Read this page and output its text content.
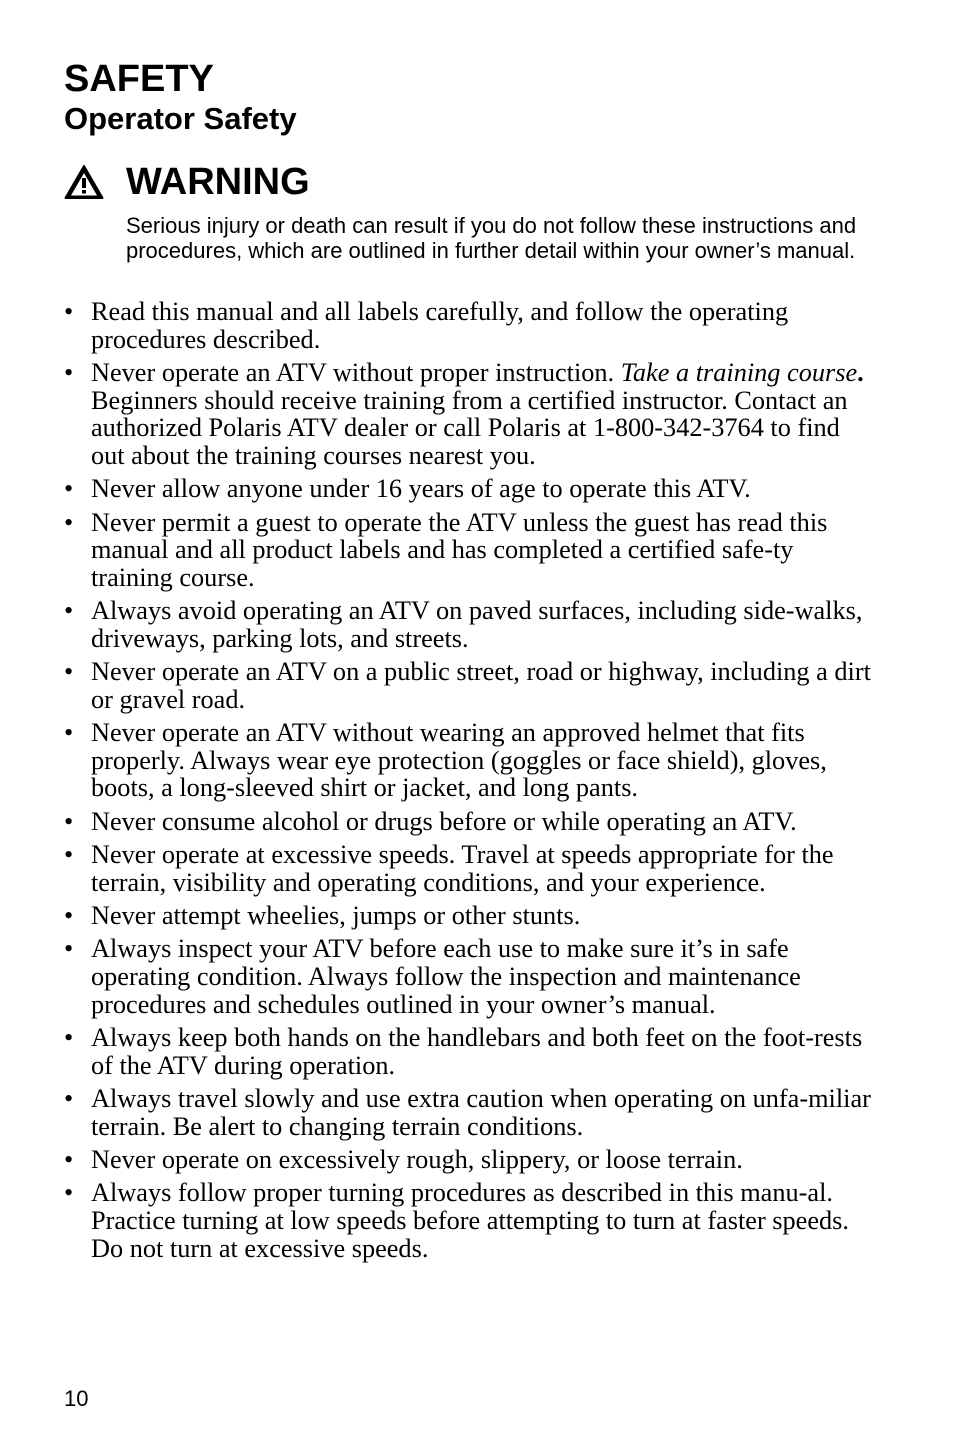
SAFETY
Operator Safety
WARNING

Serious injury or death can result if you do not follow these instructions and procedures, which are outlined in further detail within your owner’s manual.

• Read this manual and all labels carefully, and follow the operating procedures described.
• Never operate an ATV without proper instruction. Take a training course. Beginners should receive training from a certified instructor. Contact an authorized Polaris ATV dealer or call Polaris at 1-800-342-3764 to find out about the training courses nearest you.
• Never allow anyone under 16 years of age to operate this ATV.
• Never permit a guest to operate the ATV unless the guest has read this manual and all product labels and has completed a certified safe-ty training course.
• Always avoid operating an ATV on paved surfaces, including side-walks, driveways, parking lots, and streets.
• Never operate an ATV on a public street, road or highway, including a dirt or gravel road.
• Never operate an ATV without wearing an approved helmet that fits properly. Always wear eye protection (goggles or face shield), gloves, boots, a long-sleeved shirt or jacket, and long pants.
• Never consume alcohol or drugs before or while operating an ATV.
• Never operate at excessive speeds. Travel at speeds appropriate for the terrain, visibility and operating conditions, and your experience.
• Never attempt wheelies, jumps or other stunts.
• Always inspect your ATV before each use to make sure it’s in safe operating condition. Always follow the inspection and maintenance procedures and schedules outlined in your owner’s manual.
• Always keep both hands on the handlebars and both feet on the foot-rests of the ATV during operation.
• Always travel slowly and use extra caution when operating on unfa-miliar terrain. Be alert to changing terrain conditions.
• Never operate on excessively rough, slippery, or loose terrain.
• Always follow proper turning procedures as described in this manu-al. Practice turning at low speeds before attempting to turn at faster speeds. Do not turn at excessive speeds.

10
